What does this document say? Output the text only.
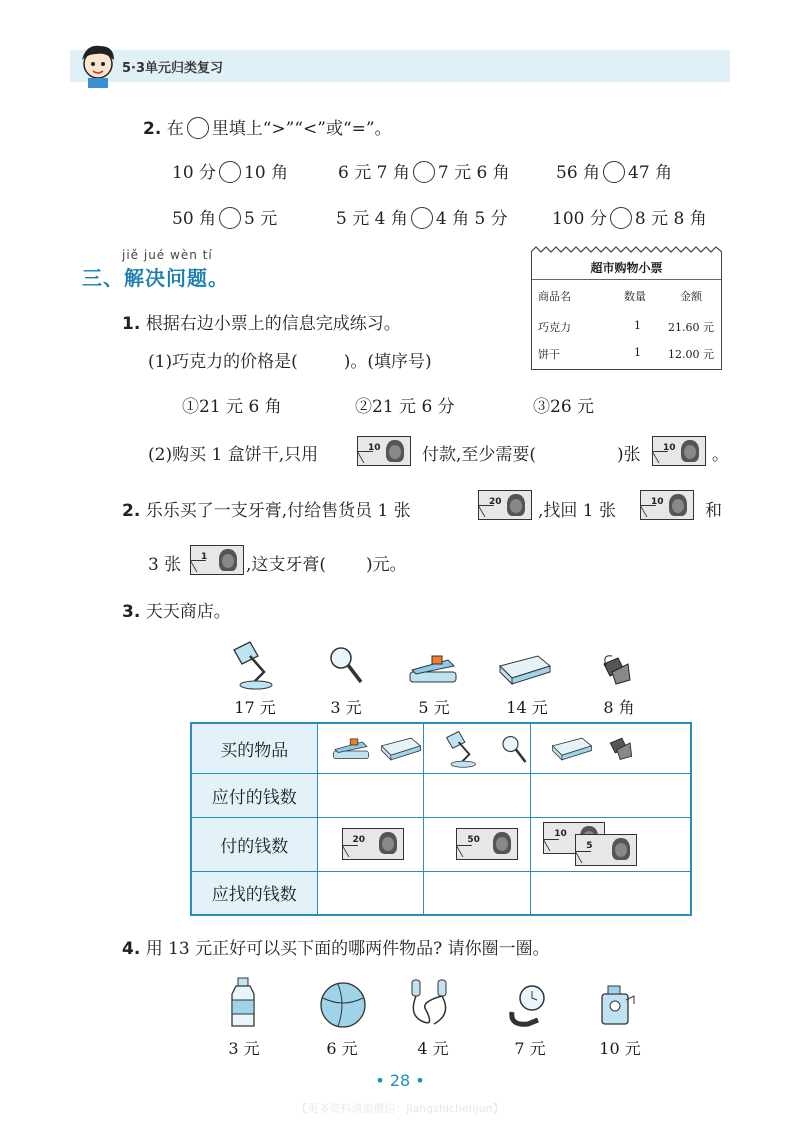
5·3单元归类复习
2. 在 里填上“>”“<”或“=”。
10 分 10 角	6 元 7 角 7 元 6 角	56 角 47 角
50 角 5 元	5 元 4 角 4 角 5 分	100 分 8 元 8 角
jiě jué wèn tí
三、解决问题。	超市购物小票
商品名	数量	金额
巧克力	1 21.60 元
饼干	1 12.00 元
1. 根据右边小票上的信息完成练习。
(1)巧克力的价格是(	)。(填序号)
①21 元 6 角	②21 元 6 分	③26 元
(2)购买 1 盒饼干,只用	10 付款,至少需要(	)张 10 。
2. 乐乐买了一支牙膏,付给售货员 1 张	20 ,找回 1 张	10 和
3 张 1 ,这支牙膏( )元。
3. 天天商店。
17 元	3 元	5 元	14 元	8 角
买的物品	

应付的钱数			
付的钱数	20	50	10
5

应找的钱数			
4. 用 13 元正好可以买下面的哪两件物品? 请你圈一圈。
3 元	6 元	4 元	7 元	10 元
• 28 •
【更多资料请加微信：jiangshichenjun】
